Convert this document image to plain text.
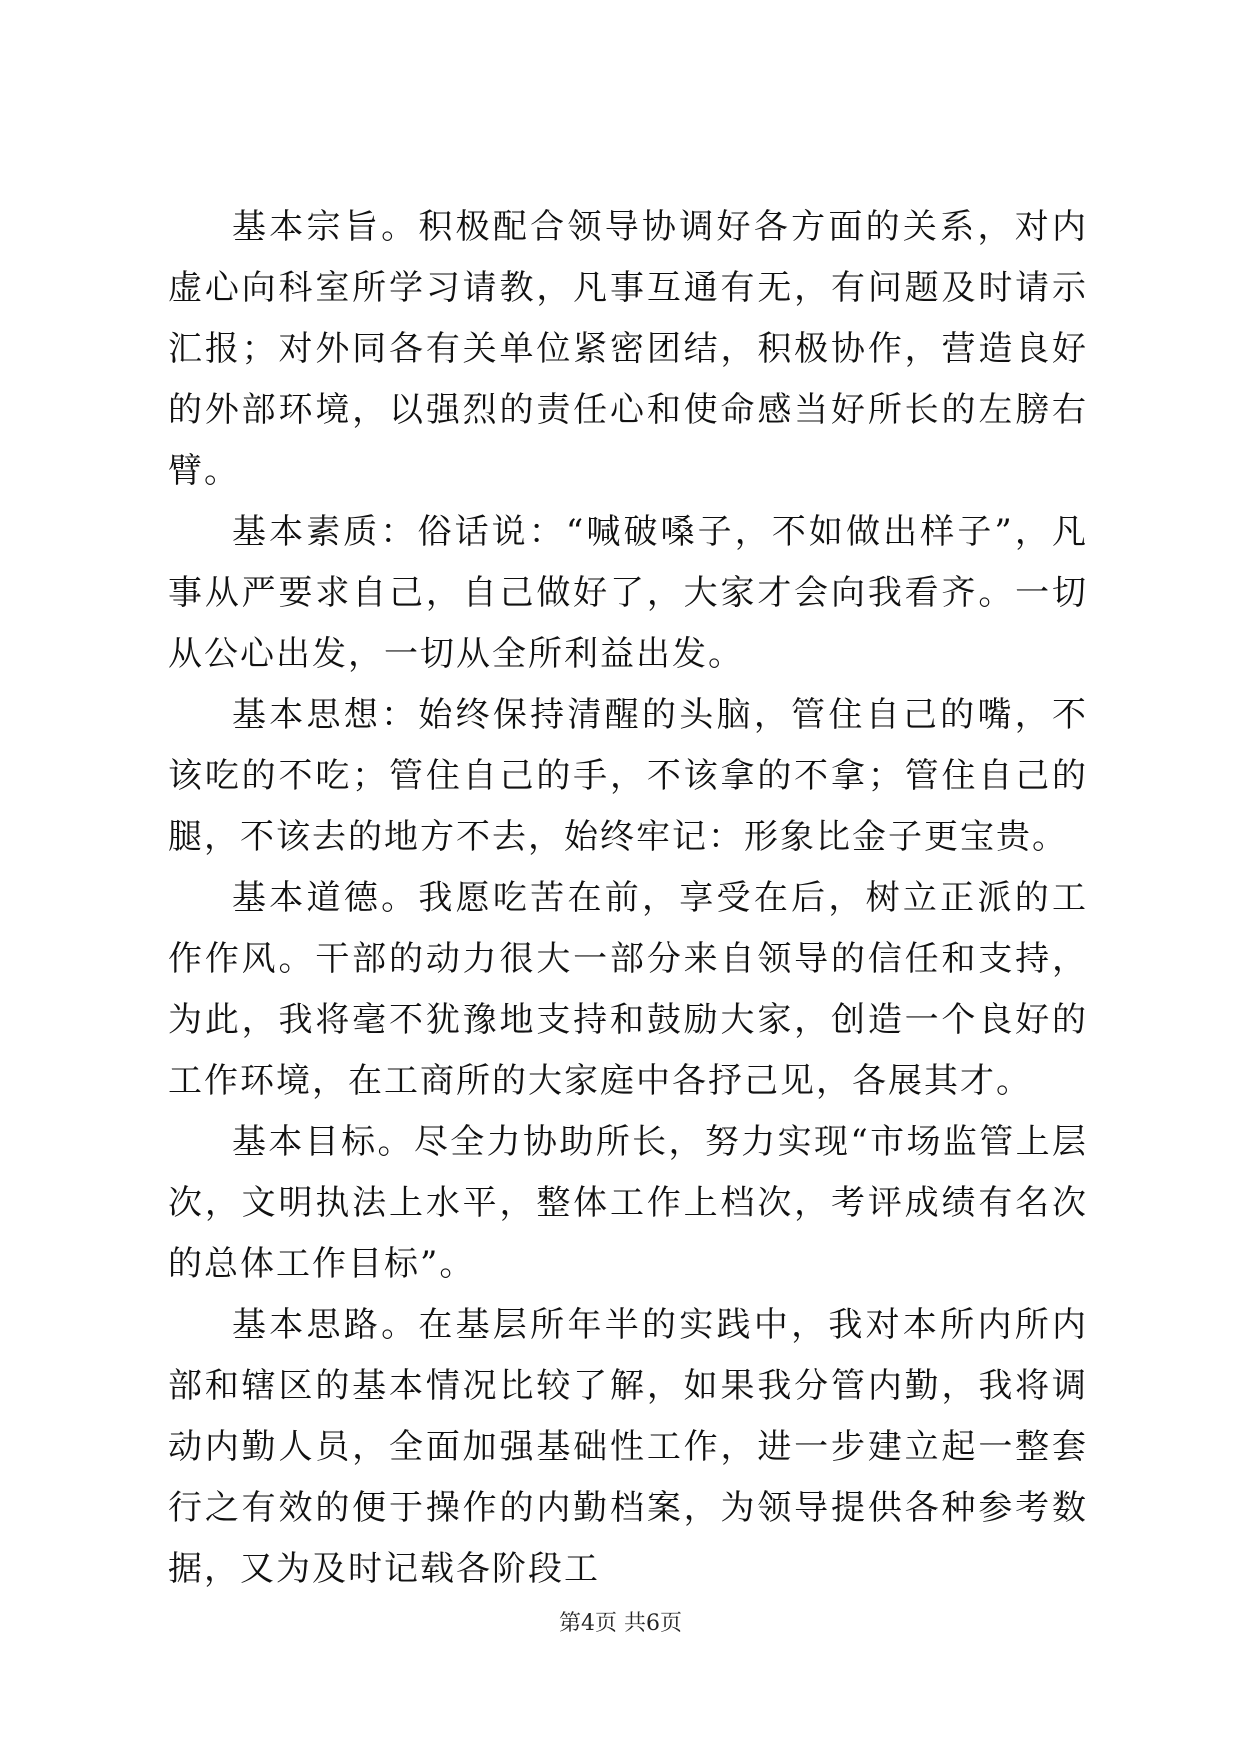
基本宗旨。积极配合领导协调好各方面的关系，对内虚心向科室所学习请教，凡事互通有无，有问题及时请示汇报；对外同各有关单位紧密团结，积极协作，营造良好的外部环境，以强烈的责任心和使命感当好所长的左膀右臂。

基本素质：俗话说：“喊破嗓子，不如做出样子”，凡事从严要求自己，自己做好了，大家才会向我看齐。一切从公心出发，一切从全所利益出发。

基本思想：始终保持清醒的头脑，管住自己的嘴，不该吃的不吃；管住自己的手，不该拿的不拿；管住自己的腿，不该去的地方不去，始终牢记：形象比金子更宝贵。

基本道德。我愿吃苦在前，享受在后，树立正派的工作作风。干部的动力很大一部分来自领导的信任和支持，为此，我将毫不犹豫地支持和鼓励大家，创造一个良好的工作环境，在工商所的大家庭中各抒己见，各展其才。

基本目标。尽全力协助所长，努力实现“市场监管上层次，文明执法上水平，整体工作上档次，考评成绩有名次的总体工作目标”。

基本思路。在基层所年半的实践中，我对本所内所内部和辖区的基本情况比较了解，如果我分管内勤，我将调动内勤人员，全面加强基础性工作，进一步建立起一整套行之有效的便于操作的内勤档案，为领导提供各种参考数据，又为及时记载各阶段工

第4页 共6页
